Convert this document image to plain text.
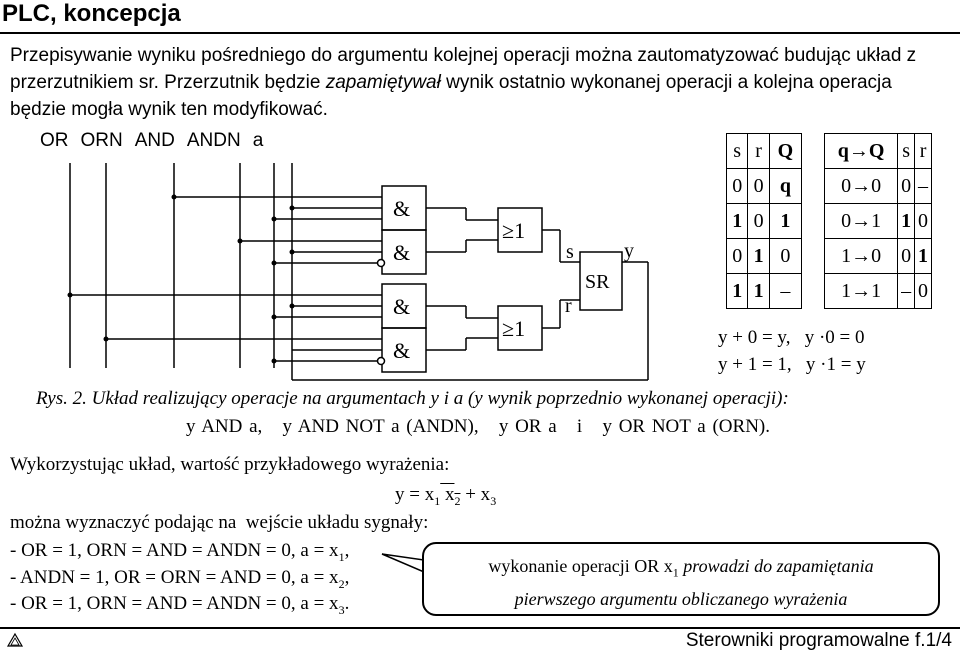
PLC, koncepcja
Przepisywanie wyniku pośredniego do argumentu kolejnej operacji można zautomatyzować budując układ z przerzutnikiem sr. Przerzutnik będzie zapamiętywał wynik ostatnio wykonanej operacji a kolejna operacja będzie mogła wynik ten modyfikować.
OR ORN AND ANDN a
&
&
&
&
≥1
≥1
SR
s
r
y
s	r	Q
0	0	q
1	0	1
0	1	0
1	1	–
q→Q	s	r
0→0	0	–
0→1	1	0
1→0	0	1
1→1	–	0
y + 0 = y,   y ·0 = 0
y + 1 = 1,   y ·1 = y
Rys. 2. Układ realizujący operacje na argumentach y i a (y wynik poprzednio wykonanej operacji):
y AND a,   y AND NOT a (ANDN),   y OR a   i   y OR NOT a (ORN).
Wykorzystując układ, wartość przykładowego wyrażenia:
$y = x_1$ $x_2 + x_3$
można wyznaczyć podając na  wejście układu sygnały:
- OR = 1, ORN = AND = ANDN = 0, $a = x_1$,
- ANDN = 1, OR = ORN = AND = 0, $a = x_2$,
- OR = 1, ORN = AND = ANDN = 0, $a = x_3$.
wykonanie operacji OR $x_1$ prowadzi do zapamiętania
pierwszego argumentu obliczanego wyrażenia
Sterowniki programowalne f.1/4
